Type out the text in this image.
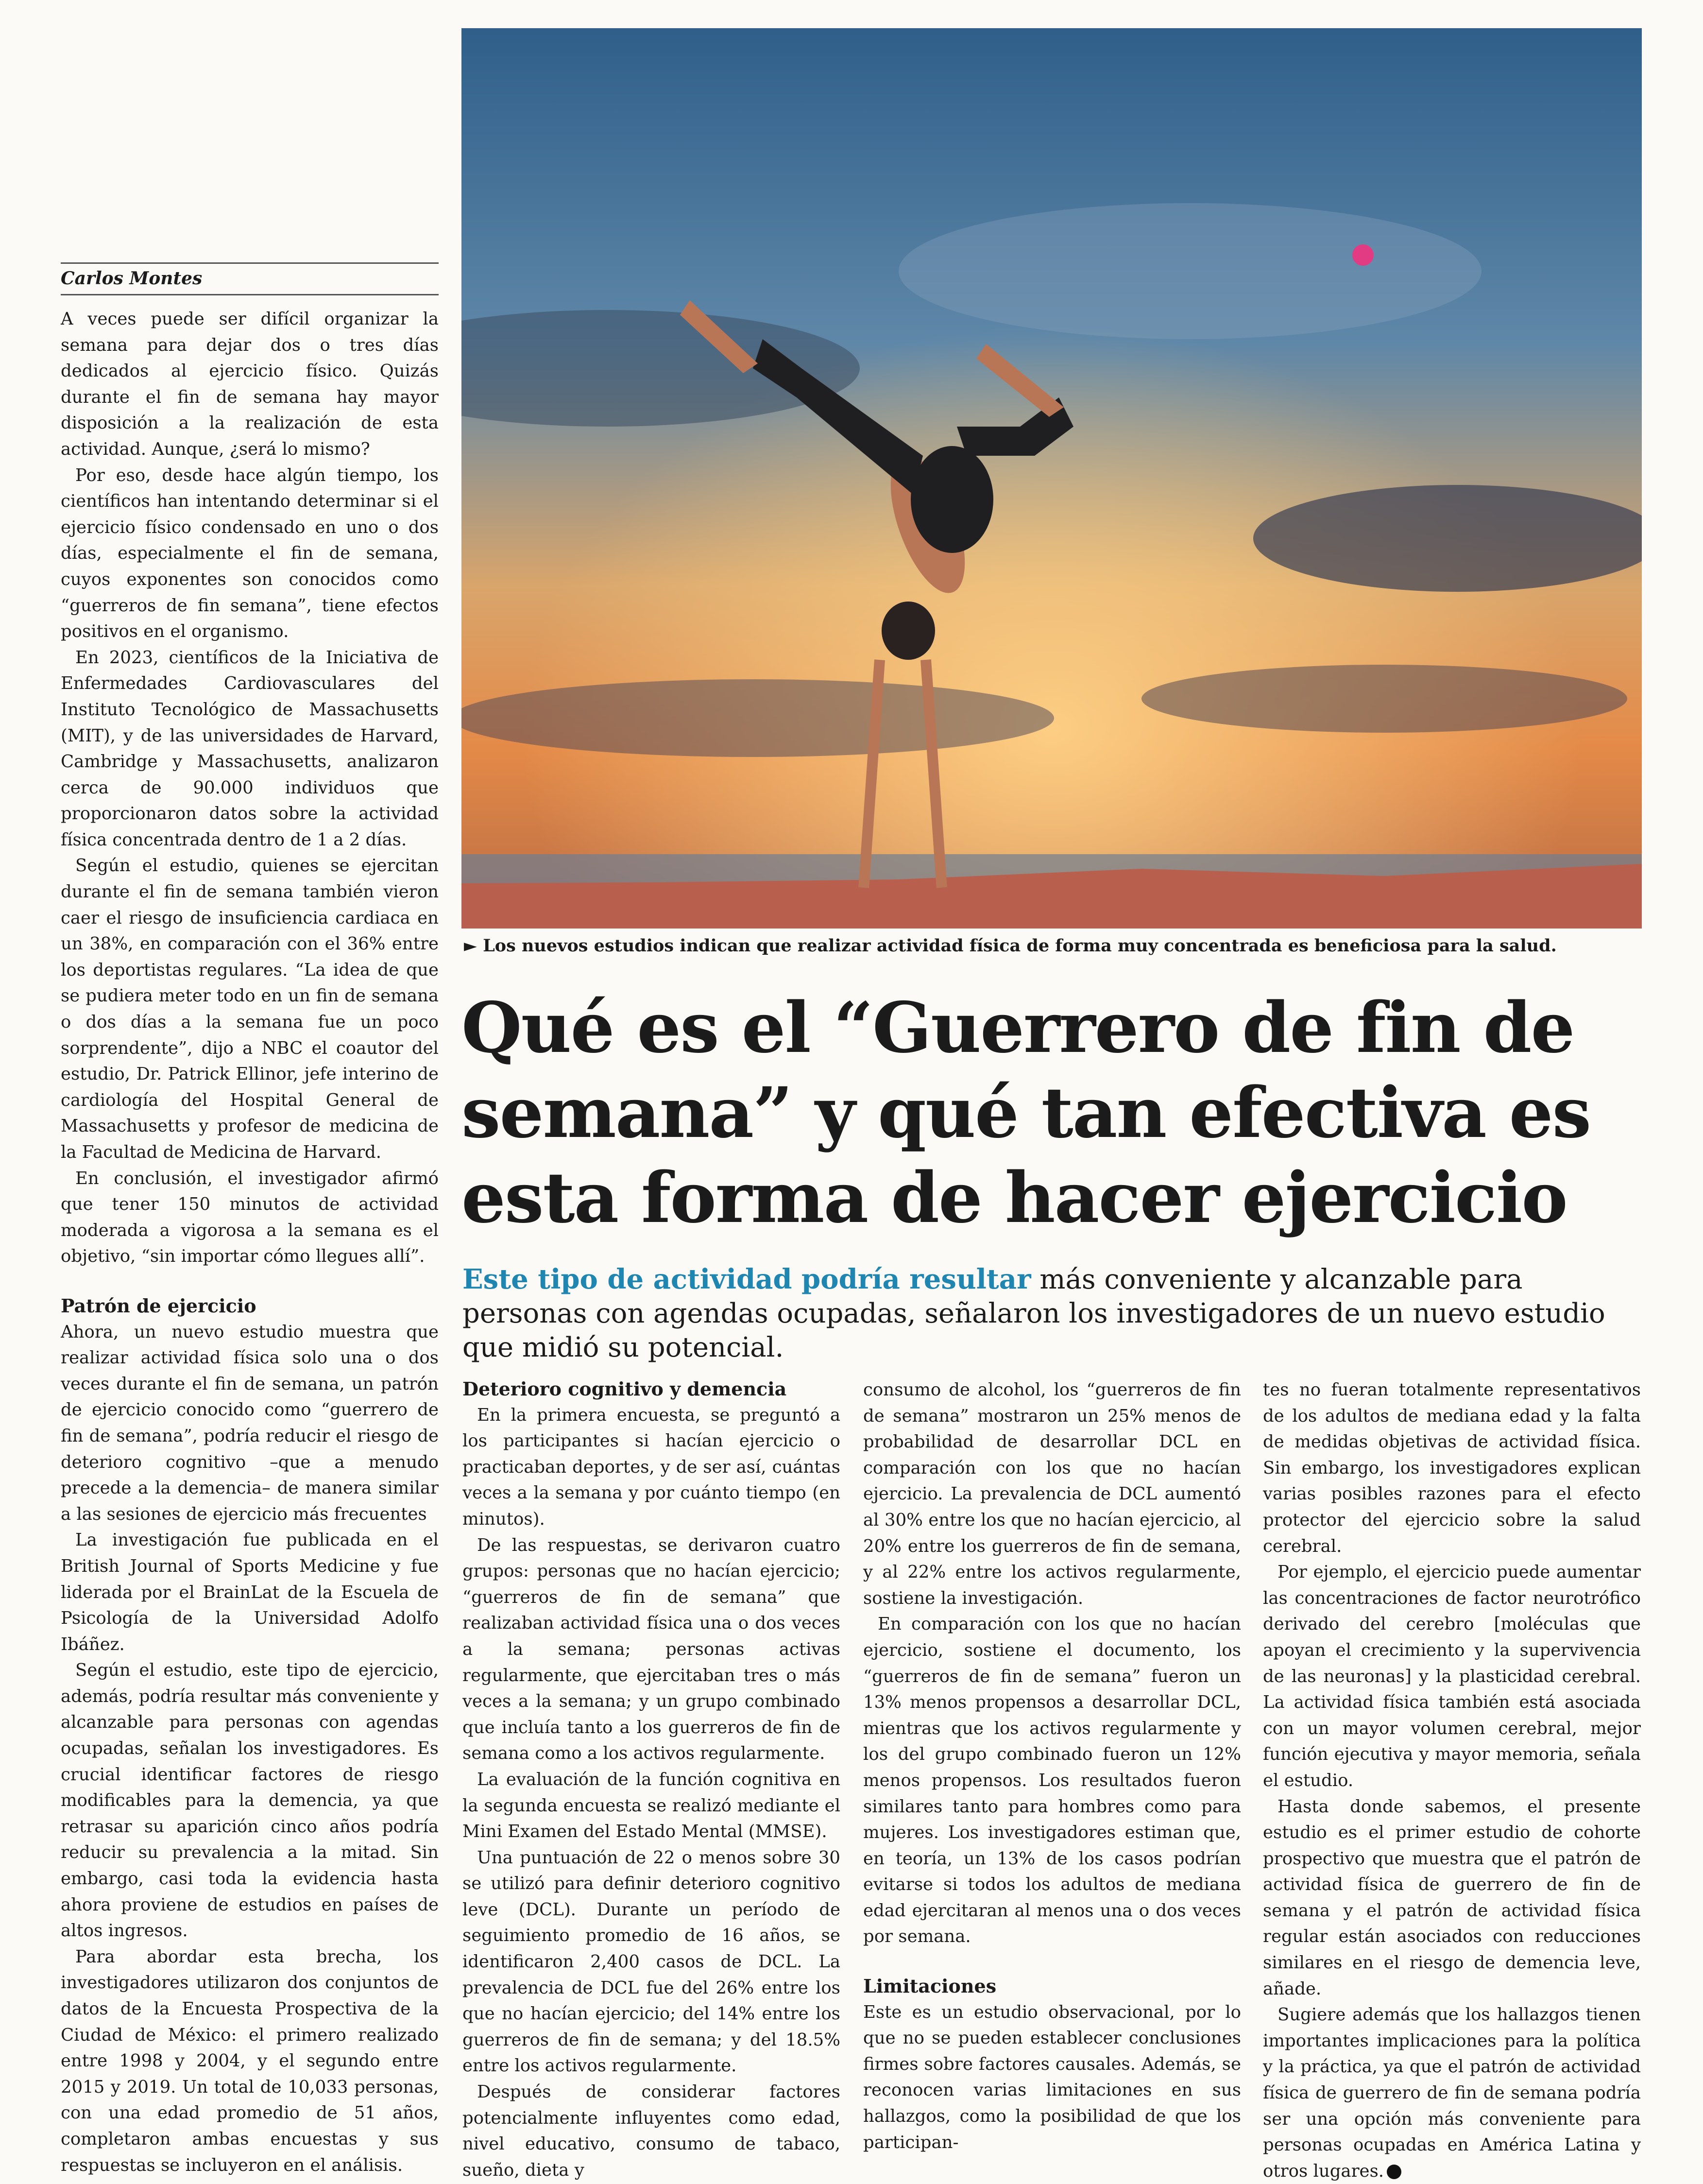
Carlos Montes

A veces puede ser difícil organizar la semana para dejar dos o tres días dedicados al ejercicio físico. Quizás durante el fin de semana hay mayor disposición a la realización de esta actividad. Aunque, ¿será lo mismo?

Por eso, desde hace algún tiempo, los científicos han intentando determinar si el ejercicio físico condensado en uno o dos días, especialmente el fin de semana, cuyos exponentes son conocidos como “guerreros de fin semana”, tiene efectos positivos en el organismo.

En 2023, científicos de la Iniciativa de Enfermedades Cardiovasculares del Instituto Tecnológico de Massachusetts (MIT), y de las universidades de Harvard, Cambridge y Massachusetts, analizaron cerca de 90.000 individuos que proporcionaron datos sobre la actividad física concentrada dentro de 1 a 2 días.

Según el estudio, quienes se ejercitan durante el fin de semana también vieron caer el riesgo de insuficiencia cardiaca en un 38%, en comparación con el 36% entre los deportistas regulares. “La idea de que se pudiera meter todo en un fin de semana o dos días a la semana fue un poco sorprendente”, dijo a NBC el coautor del estudio, Dr. Patrick Ellinor, jefe interino de cardiología del Hospital General de Massachusetts y profesor de medicina de la Facultad de Medicina de Harvard.

En conclusión, el investigador afirmó que tener 150 minutos de actividad moderada a vigorosa a la semana es el objetivo, “sin importar cómo llegues allí”.

Patrón de ejercicio

Ahora, un nuevo estudio muestra que realizar actividad física solo una o dos veces durante el fin de semana, un patrón de ejercicio conocido como “guerrero de fin de semana”, podría reducir el riesgo de deterioro cognitivo –que a menudo precede a la demencia– de manera similar a las sesiones de ejercicio más frecuentes

La investigación fue publicada en el British Journal of Sports Medicine y fue liderada por el BrainLat de la Escuela de Psicología de la Universidad Adolfo Ibáñez.

Según el estudio, este tipo de ejercicio, además, podría resultar más conveniente y alcanzable para personas con agendas ocupadas, señalan los investigadores. Es crucial identificar factores de riesgo modificables para la demencia, ya que retrasar su aparición cinco años podría reducir su prevalencia a la mitad. Sin embargo, casi toda la evidencia hasta ahora proviene de estudios en países de altos ingresos.

Para abordar esta brecha, los investigadores utilizaron dos conjuntos de datos de la Encuesta Prospectiva de la Ciudad de México: el primero realizado entre 1998 y 2004, y el segundo entre 2015 y 2019. Un total de 10,033 personas, con una edad promedio de 51 años, completaron ambas encuestas y sus respuestas se incluyeron en el análisis.

► Los nuevos estudios indican que realizar actividad física de forma muy concentrada es beneficiosa para la salud.
Qué es el “Guerrero de fin de semana” y qué tan efectiva es esta forma de hacer ejercicio
Este tipo de actividad podría resultar más conveniente y alcanzable para personas con agendas ocupadas, señalaron los investigadores de un nuevo estudio que midió su potencial.
Deterioro cognitivo y demencia

En la primera encuesta, se preguntó a los participantes si hacían ejercicio o practicaban deportes, y de ser así, cuántas veces a la semana y por cuánto tiempo (en minutos).

De las respuestas, se derivaron cuatro grupos: personas que no hacían ejercicio; “guerreros de fin de semana” que realizaban actividad física una o dos veces a la semana; personas activas regularmente, que ejercitaban tres o más veces a la semana; y un grupo combinado que incluía tanto a los guerreros de fin de semana como a los activos regularmente.

La evaluación de la función cognitiva en la segunda encuesta se realizó mediante el Mini Examen del Estado Mental (MMSE).

Una puntuación de 22 o menos sobre 30 se utilizó para definir deterioro cognitivo leve (DCL). Durante un período de seguimiento promedio de 16 años, se identificaron 2,400 casos de DCL. La prevalencia de DCL fue del 26% entre los que no hacían ejercicio; del 14% entre los guerreros de fin de semana; y del 18.5% entre los activos regularmente.

Después de considerar factores potencialmente influyentes como edad, nivel educativo, consumo de tabaco, sueño, dieta y

consumo de alcohol, los “guerreros de fin de semana” mostraron un 25% menos de probabilidad de desarrollar DCL en comparación con los que no hacían ejercicio. La prevalencia de DCL aumentó al 30% entre los que no hacían ejercicio, al 20% entre los guerreros de fin de semana, y al 22% entre los activos regularmente, sostiene la investigación.

En comparación con los que no hacían ejercicio, sostiene el documento, los “guerreros de fin de semana” fueron un 13% menos propensos a desarrollar DCL, mientras que los activos regularmente y los del grupo combinado fueron un 12% menos propensos. Los resultados fueron similares tanto para hombres como para mujeres. Los investigadores estiman que, en teoría, un 13% de los casos podrían evitarse si todos los adultos de mediana edad ejercitaran al menos una o dos veces por semana.

Limitaciones

Este es un estudio observacional, por lo que no se pueden establecer conclusiones firmes sobre factores causales. Además, se reconocen varias limitaciones en sus hallazgos, como la posibilidad de que los participan-

tes no fueran totalmente representativos de los adultos de mediana edad y la falta de medidas objetivas de actividad física. Sin embargo, los investigadores explican varias posibles razones para el efecto protector del ejercicio sobre la salud cerebral.

Por ejemplo, el ejercicio puede aumentar las concentraciones de factor neurotrófico derivado del cerebro [moléculas que apoyan el crecimiento y la supervivencia de las neuronas] y la plasticidad cerebral. La actividad física también está asociada con un mayor volumen cerebral, mejor función ejecutiva y mayor memoria, señala el estudio.

Hasta donde sabemos, el presente estudio es el primer estudio de cohorte prospectivo que muestra que el patrón de actividad física de guerrero de fin de semana y el patrón de actividad física regular están asociados con reducciones similares en el riesgo de demencia leve, añade.

Sugiere además que los hallazgos tienen importantes implicaciones para la política y la práctica, ya que el patrón de actividad física de guerrero de fin de semana podría ser una opción más conveniente para personas ocupadas en América Latina y otros lugares.
